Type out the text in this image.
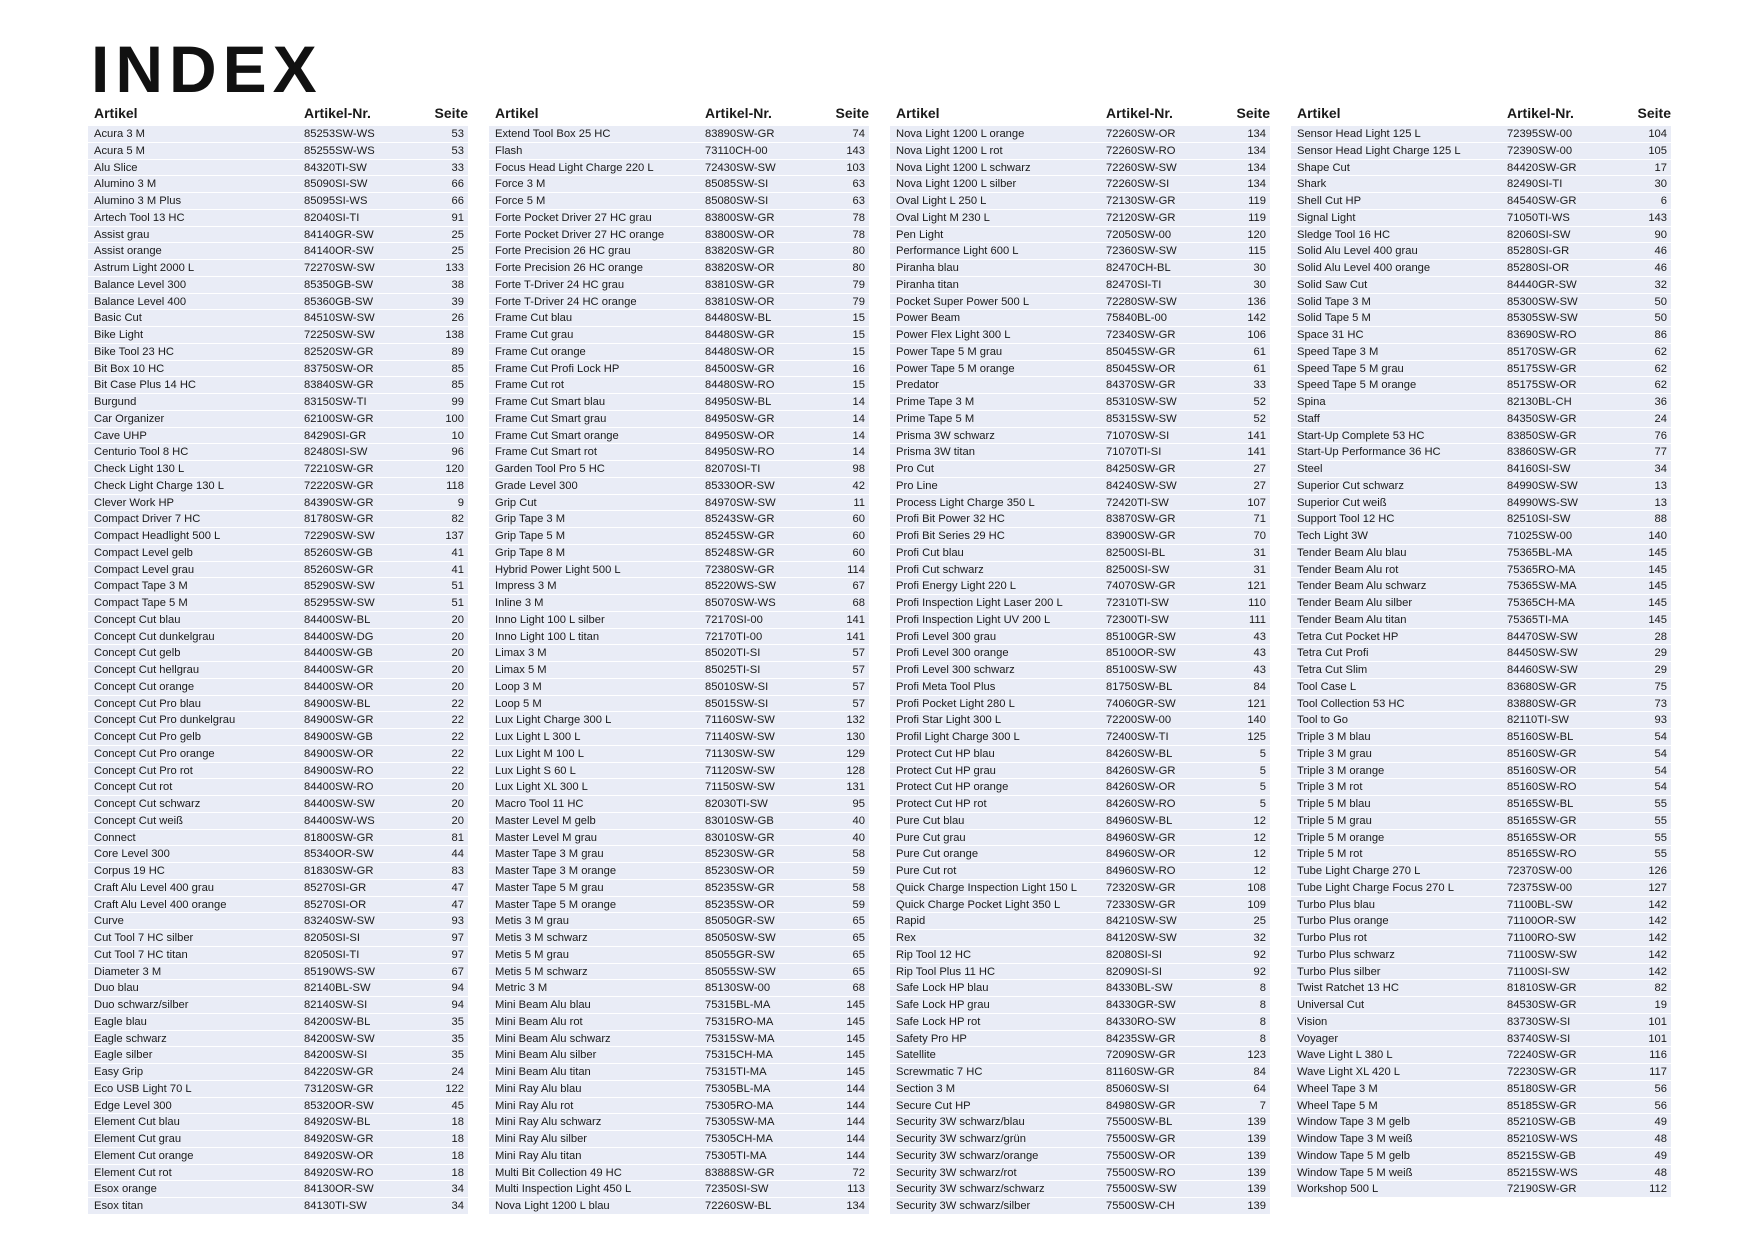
INDEX
Artikel	Artikel-Nr.	Seite
Acura 3 M	85253SW-WS	53
Acura 5 M	85255SW-WS	53
Alu Slice	84320TI-SW	33
Alumino 3 M	85090SI-SW	66
Alumino 3 M Plus	85095SI-WS	66
Artech Tool 13 HC	82040SI-TI	91
Assist grau	84140GR-SW	25
Assist orange	84140OR-SW	25
Astrum Light 2000 L	72270SW-SW	133
Balance Level 300	85350GB-SW	38
Balance Level 400	85360GB-SW	39
Basic Cut	84510SW-SW	26
Bike Light	72250SW-SW	138
Bike Tool 23 HC	82520SW-GR	89
Bit Box 10 HC	83750SW-OR	85
Bit Case Plus 14 HC	83840SW-GR	85
Burgund	83150SW-TI	99
Car Organizer	62100SW-GR	100
Cave UHP	84290SI-GR	10
Centurio Tool 8 HC	82480SI-SW	96
Check Light 130 L	72210SW-GR	120
Check Light Charge 130 L	72220SW-GR	118
Clever Work HP	84390SW-GR	9
Compact Driver 7 HC	81780SW-GR	82
Compact Headlight 500 L	72290SW-SW	137
Compact Level gelb	85260SW-GB	41
Compact Level grau	85260SW-GR	41
Compact Tape 3 M	85290SW-SW	51
Compact Tape 5 M	85295SW-SW	51
Concept Cut blau	84400SW-BL	20
Concept Cut dunkelgrau	84400SW-DG	20
Concept Cut gelb	84400SW-GB	20
Concept Cut hellgrau	84400SW-GR	20
Concept Cut orange	84400SW-OR	20
Concept Cut Pro blau	84900SW-BL	22
Concept Cut Pro dunkelgrau	84900SW-GR	22
Concept Cut Pro gelb	84900SW-GB	22
Concept Cut Pro orange	84900SW-OR	22
Concept Cut Pro rot	84900SW-RO	22
Concept Cut rot	84400SW-RO	20
Concept Cut schwarz	84400SW-SW	20
Concept Cut weiß	84400SW-WS	20
Connect	81800SW-GR	81
Core Level 300	85340OR-SW	44
Corpus 19 HC	81830SW-GR	83
Craft Alu Level 400 grau	85270SI-GR	47
Craft Alu Level 400 orange	85270SI-OR	47
Curve	83240SW-SW	93
Cut Tool 7 HC silber	82050SI-SI	97
Cut Tool 7 HC titan	82050SI-TI	97
Diameter 3 M	85190WS-SW	67
Duo blau	82140BL-SW	94
Duo schwarz/silber	82140SW-SI	94
Eagle blau	84200SW-BL	35
Eagle schwarz	84200SW-SW	35
Eagle silber	84200SW-SI	35
Easy Grip	84220SW-GR	24
Eco USB Light 70 L	73120SW-GR	122
Edge Level 300	85320OR-SW	45
Element Cut blau	84920SW-BL	18
Element Cut grau	84920SW-GR	18
Element Cut orange	84920SW-OR	18
Element Cut rot	84920SW-RO	18
Esox orange	84130OR-SW	34
Esox titan	84130TI-SW	34
Artikel	Artikel-Nr.	Seite
Extend Tool Box 25 HC	83890SW-GR	74
Flash	73110CH-00	143
Focus Head Light Charge 220 L	72430SW-SW	103
Force 3 M	85085SW-SI	63
Force 5 M	85080SW-SI	63
Forte Pocket Driver 27 HC grau	83800SW-GR	78
Forte Pocket Driver 27 HC orange	83800SW-OR	78
Forte Precision 26 HC grau	83820SW-GR	80
Forte Precision 26 HC orange	83820SW-OR	80
Forte T-Driver 24 HC grau	83810SW-GR	79
Forte T-Driver 24 HC orange	83810SW-OR	79
Frame Cut blau	84480SW-BL	15
Frame Cut grau	84480SW-GR	15
Frame Cut orange	84480SW-OR	15
Frame Cut Profi Lock HP	84500SW-GR	16
Frame Cut rot	84480SW-RO	15
Frame Cut Smart blau	84950SW-BL	14
Frame Cut Smart grau	84950SW-GR	14
Frame Cut Smart orange	84950SW-OR	14
Frame Cut Smart rot	84950SW-RO	14
Garden Tool Pro 5 HC	82070SI-TI	98
Grade Level 300	85330OR-SW	42
Grip Cut	84970SW-SW	11
Grip Tape 3 M	85243SW-GR	60
Grip Tape 5 M	85245SW-GR	60
Grip Tape 8 M	85248SW-GR	60
Hybrid Power Light 500 L	72380SW-GR	114
Impress 3 M	85220WS-SW	67
Inline 3 M	85070SW-WS	68
Inno Light 100 L silber	72170SI-00	141
Inno Light 100 L titan	72170TI-00	141
Limax 3 M	85020TI-SI	57
Limax 5 M	85025TI-SI	57
Loop 3 M	85010SW-SI	57
Loop 5 M	85015SW-SI	57
Lux Light Charge 300 L	71160SW-SW	132
Lux Light L 300 L	71140SW-SW	130
Lux Light M 100 L	71130SW-SW	129
Lux Light S 60 L	71120SW-SW	128
Lux Light XL 300 L	71150SW-SW	131
Macro Tool 11 HC	82030TI-SW	95
Master Level M gelb	83010SW-GB	40
Master Level M grau	83010SW-GR	40
Master Tape 3 M grau	85230SW-GR	58
Master Tape 3 M orange	85230SW-OR	59
Master Tape 5 M grau	85235SW-GR	58
Master Tape 5 M orange	85235SW-OR	59
Metis 3 M grau	85050GR-SW	65
Metis 3 M schwarz	85050SW-SW	65
Metis 5 M grau	85055GR-SW	65
Metis 5 M schwarz	85055SW-SW	65
Metric 3 M	85130SW-00	68
Mini Beam Alu blau	75315BL-MA	145
Mini Beam Alu rot	75315RO-MA	145
Mini Beam Alu schwarz	75315SW-MA	145
Mini Beam Alu silber	75315CH-MA	145
Mini Beam Alu titan	75315TI-MA	145
Mini Ray Alu blau	75305BL-MA	144
Mini Ray Alu rot	75305RO-MA	144
Mini Ray Alu schwarz	75305SW-MA	144
Mini Ray Alu silber	75305CH-MA	144
Mini Ray Alu titan	75305TI-MA	144
Multi Bit Collection 49 HC	83888SW-GR	72
Multi Inspection Light 450 L	72350SI-SW	113
Nova Light 1200 L blau	72260SW-BL	134
Artikel	Artikel-Nr.	Seite
Nova Light 1200 L orange	72260SW-OR	134
Nova Light 1200 L rot	72260SW-RO	134
Nova Light 1200 L schwarz	72260SW-SW	134
Nova Light 1200 L silber	72260SW-SI	134
Oval Light L 250 L	72130SW-GR	119
Oval Light M 230 L	72120SW-GR	119
Pen Light	72050SW-00	120
Performance Light 600 L	72360SW-SW	115
Piranha blau	82470CH-BL	30
Piranha titan	82470SI-TI	30
Pocket Super Power 500 L	72280SW-SW	136
Power Beam	75840BL-00	142
Power Flex Light 300 L	72340SW-GR	106
Power Tape 5 M grau	85045SW-GR	61
Power Tape 5 M orange	85045SW-OR	61
Predator	84370SW-GR	33
Prime Tape 3 M	85310SW-SW	52
Prime Tape 5 M	85315SW-SW	52
Prisma 3W schwarz	71070SW-SI	141
Prisma 3W titan	71070TI-SI	141
Pro Cut	84250SW-GR	27
Pro Line	84240SW-SW	27
Process Light Charge 350 L	72420TI-SW	107
Profi Bit Power 32 HC	83870SW-GR	71
Profi Bit Series 29 HC	83900SW-GR	70
Profi Cut blau	82500SI-BL	31
Profi Cut schwarz	82500SI-SW	31
Profi Energy Light 220 L	74070SW-GR	121
Profi Inspection Light Laser 200 L	72310TI-SW	110
Profi Inspection Light UV 200 L	72300TI-SW	111
Profi Level 300 grau	85100GR-SW	43
Profi Level 300 orange	85100OR-SW	43
Profi Level 300 schwarz	85100SW-SW	43
Profi Meta Tool Plus	81750SW-BL	84
Profi Pocket Light 280 L	74060GR-SW	121
Profi Star Light 300 L	72200SW-00	140
Profil Light Charge 300 L	72400SW-TI	125
Protect Cut HP blau	84260SW-BL	5
Protect Cut HP grau	84260SW-GR	5
Protect Cut HP orange	84260SW-OR	5
Protect Cut HP rot	84260SW-RO	5
Pure Cut blau	84960SW-BL	12
Pure Cut grau	84960SW-GR	12
Pure Cut orange	84960SW-OR	12
Pure Cut rot	84960SW-RO	12
Quick Charge Inspection Light 150 L	72320SW-GR	108
Quick Charge Pocket Light 350 L	72330SW-GR	109
Rapid	84210SW-SW	25
Rex	84120SW-SW	32
Rip Tool 12 HC	82080SI-SI	92
Rip Tool Plus 11 HC	82090SI-SI	92
Safe Lock HP blau	84330BL-SW	8
Safe Lock HP grau	84330GR-SW	8
Safe Lock HP rot	84330RO-SW	8
Safety Pro HP	84235SW-GR	8
Satellite	72090SW-GR	123
Screwmatic 7 HC	81160SW-GR	84
Section 3 M	85060SW-SI	64
Secure Cut HP	84980SW-GR	7
Security 3W schwarz/blau	75500SW-BL	139
Security 3W schwarz/grün	75500SW-GR	139
Security 3W schwarz/orange	75500SW-OR	139
Security 3W schwarz/rot	75500SW-RO	139
Security 3W schwarz/schwarz	75500SW-SW	139
Security 3W schwarz/silber	75500SW-CH	139
Artikel	Artikel-Nr.	Seite
Sensor Head Light 125 L	72395SW-00	104
Sensor Head Light Charge 125 L	72390SW-00	105
Shape Cut	84420SW-GR	17
Shark	82490SI-TI	30
Shell Cut HP	84540SW-GR	6
Signal Light	71050TI-WS	143
Sledge Tool 16 HC	82060SI-SW	90
Solid Alu Level 400 grau	85280SI-GR	46
Solid Alu Level 400 orange	85280SI-OR	46
Solid Saw Cut	84440GR-SW	32
Solid Tape 3 M	85300SW-SW	50
Solid Tape 5 M	85305SW-SW	50
Space 31 HC	83690SW-RO	86
Speed Tape 3 M	85170SW-GR	62
Speed Tape 5 M grau	85175SW-GR	62
Speed Tape 5 M orange	85175SW-OR	62
Spina	82130BL-CH	36
Staff	84350SW-GR	24
Start-Up Complete 53 HC	83850SW-GR	76
Start-Up Performance 36 HC	83860SW-GR	77
Steel	84160SI-SW	34
Superior Cut schwarz	84990SW-SW	13
Superior Cut weiß	84990WS-SW	13
Support Tool 12 HC	82510SI-SW	88
Tech Light 3W	71025SW-00	140
Tender Beam Alu blau	75365BL-MA	145
Tender Beam Alu rot	75365RO-MA	145
Tender Beam Alu schwarz	75365SW-MA	145
Tender Beam Alu silber	75365CH-MA	145
Tender Beam Alu titan	75365TI-MA	145
Tetra Cut Pocket HP	84470SW-SW	28
Tetra Cut Profi	84450SW-SW	29
Tetra Cut Slim	84460SW-SW	29
Tool Case L	83680SW-GR	75
Tool Collection 53 HC	83880SW-GR	73
Tool to Go	82110TI-SW	93
Triple 3 M blau	85160SW-BL	54
Triple 3 M grau	85160SW-GR	54
Triple 3 M orange	85160SW-OR	54
Triple 3 M rot	85160SW-RO	54
Triple 5 M blau	85165SW-BL	55
Triple 5 M grau	85165SW-GR	55
Triple 5 M orange	85165SW-OR	55
Triple 5 M rot	85165SW-RO	55
Tube Light Charge 270 L	72370SW-00	126
Tube Light Charge Focus 270 L	72375SW-00	127
Turbo Plus blau	71100BL-SW	142
Turbo Plus orange	71100OR-SW	142
Turbo Plus rot	71100RO-SW	142
Turbo Plus schwarz	71100SW-SW	142
Turbo Plus silber	71100SI-SW	142
Twist Ratchet 13 HC	81810SW-GR	82
Universal Cut	84530SW-GR	19
Vision	83730SW-SI	101
Voyager	83740SW-SI	101
Wave Light L 380 L	72240SW-GR	116
Wave Light XL 420 L	72230SW-GR	117
Wheel Tape 3 M	85180SW-GR	56
Wheel Tape 5 M	85185SW-GR	56
Window Tape 3 M gelb	85210SW-GB	49
Window Tape 3 M weiß	85210SW-WS	48
Window Tape 5 M gelb	85215SW-GB	49
Window Tape 5 M weiß	85215SW-WS	48
Workshop 500 L	72190SW-GR	112
